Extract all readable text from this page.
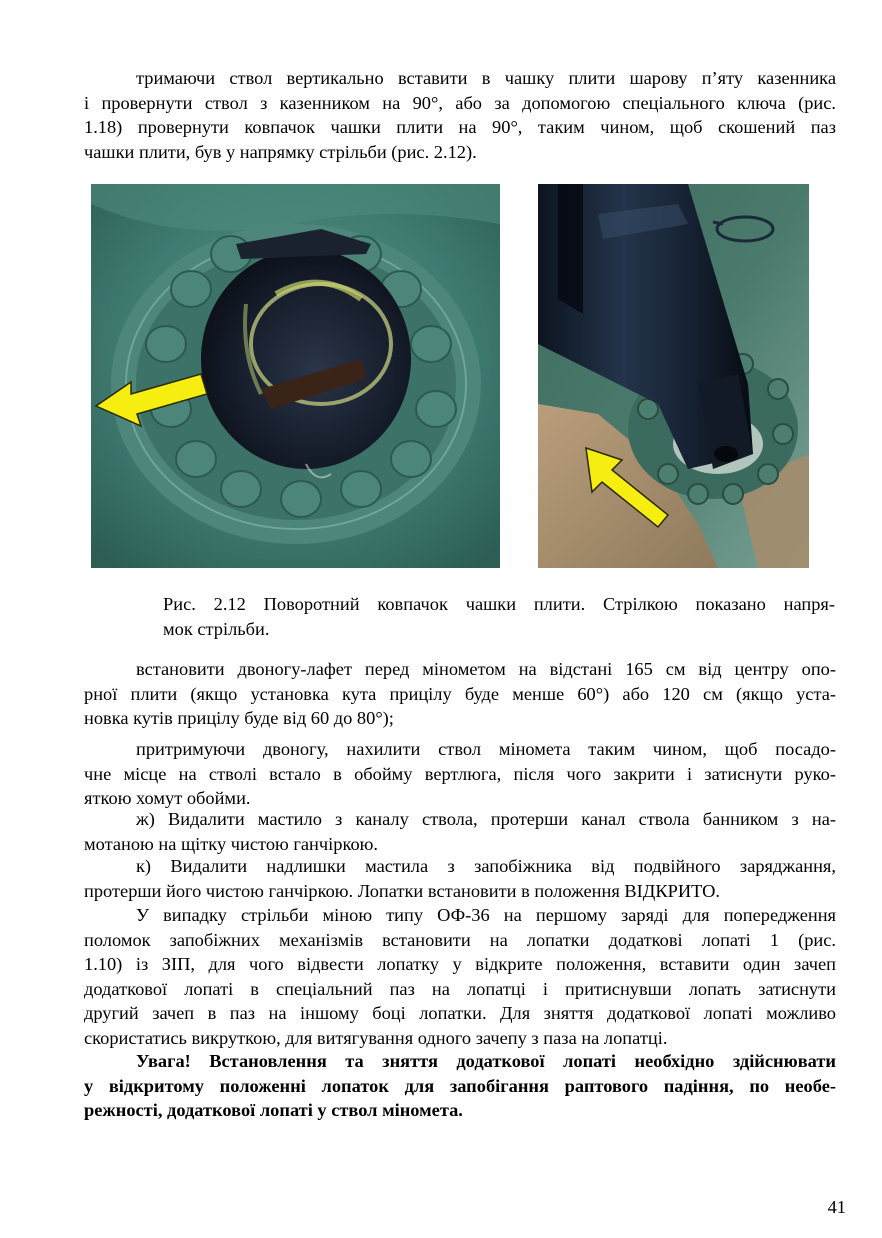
тримаючи ствол вертикально вставити в чашку плити шарову п’яту казенника
і провернути ствол з казенником на 90°, або за допомогою спеціального ключа (рис.
1.18) провернути ковпачок чашки плити на 90°, таким чином, щоб скошений паз
чашки плити, був у напрямку стрільби (рис. 2.12).
Рис. 2.12 Поворотний ковпачок чашки плити. Стрілкою показано напря-
мок стрільби.
встановити двоногу-лафет перед мінометом на відстані 165 см від центру опо-
рної плити (якщо установка кута прицілу буде менше 60°) або 120 см (якщо уста-
новка кутів прицілу буде від 60 до 80°);
притримуючи двоногу, нахилити ствол міномета таким чином, щоб посадо-
чне місце на стволі встало в обойму вертлюга, після чого закрити і затиснути руко-
яткою хомут обойми.
ж) Видалити мастило з каналу ствола, протерши канал ствола банником з на-
мотаною на щітку чистою ганчіркою.
к) Видалити надлишки мастила з запобіжника від подвійного заряджання,
протерши його чистою ганчіркою. Лопатки встановити в положення ВІДКРИТО.
У випадку стрільби міною типу ОФ-36 на першому заряді для попередження
поломок запобіжних механізмів встановити на лопатки додаткові лопаті 1 (рис.
1.10) із ЗІП, для чого відвести лопатку у відкрите положення, вставити один зачеп
додаткової лопаті в спеціальний паз на лопатці і притиснувши лопать затиснути
другий зачеп в паз на іншому боці лопатки. Для зняття додаткової лопаті можливо
скористатись викруткою, для витягування одного зачепу з паза на лопатці.
Увага! Встановлення та зняття додаткової лопаті необхідно здійснювати
у відкритому положенні лопаток для запобігання раптового падіння, по необе-
режності, додаткової лопаті у ствол міномета.
41
